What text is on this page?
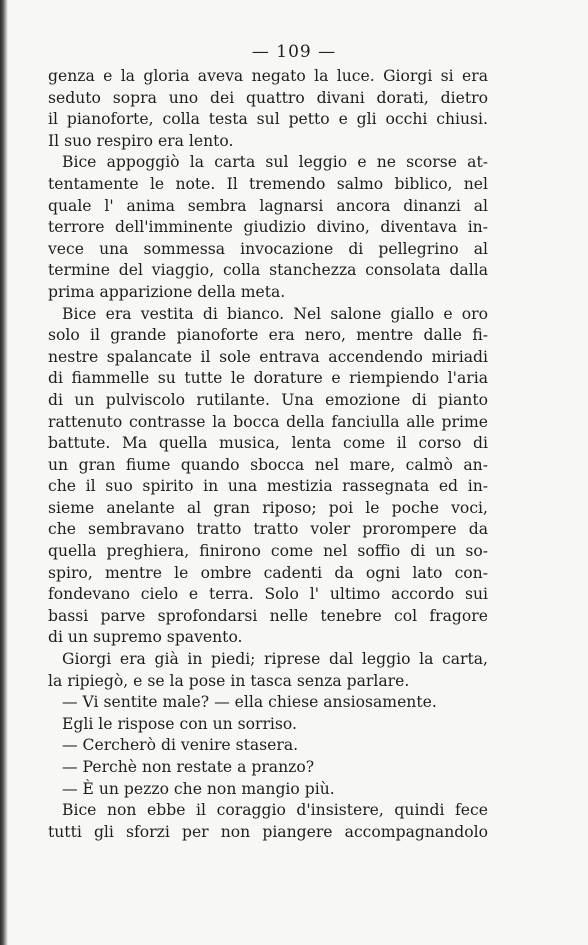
— 109 —
genza e la gloria aveva negato la luce. Giorgi si era
seduto sopra uno dei quattro divani dorati, dietro
il pianoforte, colla testa sul petto e gli occhi chiusi.
Il suo respiro era lento.
Bice appoggiò la carta sul leggio e ne scorse at-
tentamente le note. Il tremendo salmo biblico, nel
quale l' anima sembra lagnarsi ancora dinanzi al
terrore dell'imminente giudizio divino, diventava in-
vece una sommessa invocazione di pellegrino al
termine del viaggio, colla stanchezza consolata dalla
prima apparizione della meta.
Bice era vestita di bianco. Nel salone giallo e oro
solo il grande pianoforte era nero, mentre dalle fi-
nestre spalancate il sole entrava accendendo miriadi
di fiammelle su tutte le dorature e riempiendo l'aria
di un pulviscolo rutilante. Una emozione di pianto
rattenuto contrasse la bocca della fanciulla alle prime
battute. Ma quella musica, lenta come il corso di
un gran fiume quando sbocca nel mare, calmò an-
che il suo spirito in una mestizia rassegnata ed in-
sieme anelante al gran riposo; poi le poche voci,
che sembravano tratto tratto voler prorompere da
quella preghiera, finirono come nel soffio di un so-
spiro, mentre le ombre cadenti da ogni lato con-
fondevano cielo e terra. Solo l' ultimo accordo sui
bassi parve sprofondarsi nelle tenebre col fragore
di un supremo spavento.
Giorgi era già in piedi; riprese dal leggio la carta,
la ripiegò, e se la pose in tasca senza parlare.
— Vi sentite male? — ella chiese ansiosamente.
Egli le rispose con un sorriso.
— Cercherò di venire stasera.
— Perchè non restate a pranzo?
— È un pezzo che non mangio più.
Bice non ebbe il coraggio d'insistere, quindi fece
tutti gli sforzi per non piangere accompagnandolo
